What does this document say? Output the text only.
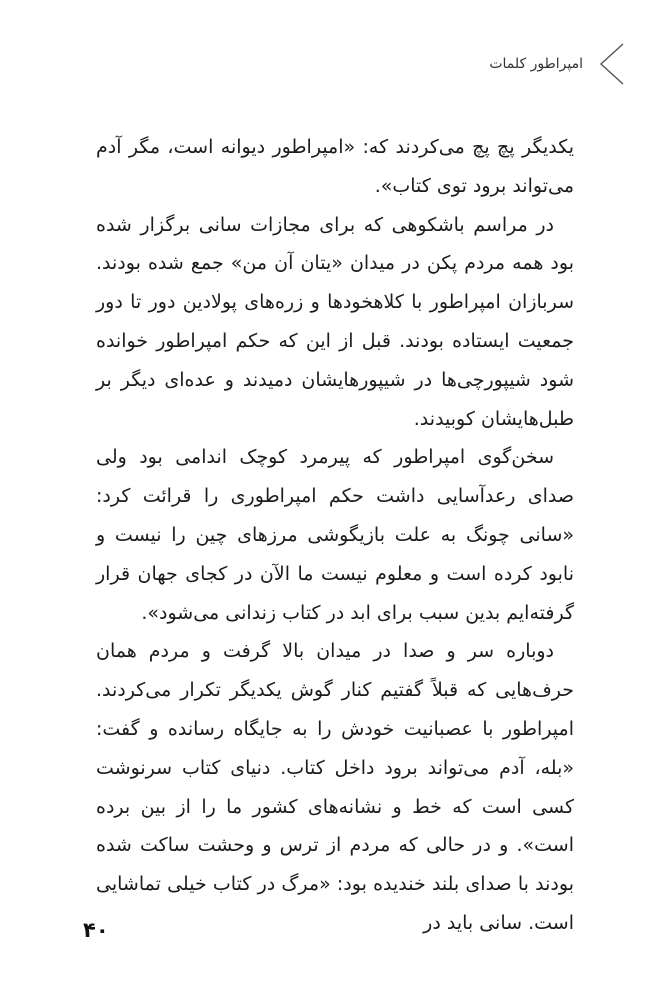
امپراطور کلمات

یکدیگر پچ پچ می‌کردند که: «امپراطور دیوانه است، مگر آدم می‌تواند برود توی کتاب».

در مراسم باشکوهی که برای مجازات سانی برگزار شده بود همه مردم پکن در میدان «یتان آن من» جمع شده بودند. سربازان امپراطور با کلاهخودها و زره‌های پولادین دور تا دور جمعیت ایستاده بودند. قبل از این که حکم امپراطور خوانده شود شیپورچی‌ها در شیپورهایشان دمیدند و عده‌ای دیگر بر طبل‌هایشان کوبیدند.

سخن‌گوی امپراطور که پیرمرد کوچک اندامی بود ولی صدای رعدآسایی داشت حکم امپراطوری را قرائت کرد: «سانی چونگ به علت بازیگوشی مرزهای چین را نیست و نابود کرده است و معلوم نیست ما الآن در کجای جهان قرار گرفته‌ایم بدین سبب برای ابد در کتاب زندانی می‌شود».

دوباره سر و صدا در میدان بالا گرفت و مردم همان حرف‌هایی که قبلاً گفتیم کنار گوش یکدیگر تکرار می‌کردند. امپراطور با عصبانیت خودش را به جایگاه رسانده و گفت: «بله، آدم می‌تواند برود داخل کتاب. دنیای کتاب سرنوشت کسی است که خط و نشانه‌های کشور ما را از بین برده است». و در حالی که مردم از ترس و وحشت ساکت شده بودند با صدای بلند خندیده بود: «مرگ در کتاب خیلی تماشایی است. سانی باید در

۴۰
